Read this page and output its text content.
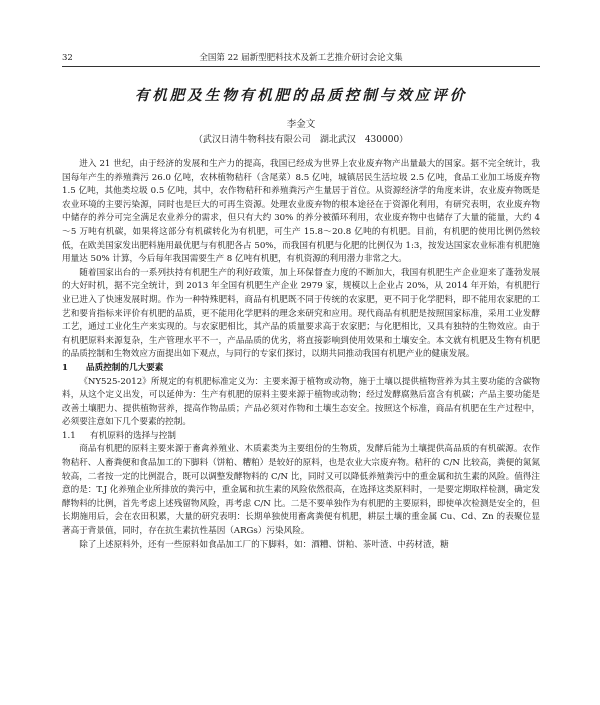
32	全国第 22 届新型肥料技术及新工艺推介研讨会论文集
有机肥及生物有机肥的品质控制与效应评价
李金文
（武汉日清牛物科技有限公司　湖北武汉　430000）

进入 21 世纪，由于经济的发展和生产力的提高，我国已经成为世界上农业废弃物产出量最大的国家。据不完全统计，我国每年产生的养殖粪污 26.0 亿吨，农林植物秸秆（含尾菜）8.5 亿吨，城镇居民生活垃圾 2.5 亿吨，食品工业加工场废弃物 1.5 亿吨，其他类垃圾 0.5 亿吨，其中，农作物秸秆和养殖粪污产生量居于首位。从资源经济学的角度来讲，农业废弃物既是农业环境的主要污染源，同时也是巨大的可再生资源。处理农业废弃物的根本途径在于资源化利用，有研究表明，农业废弃物中储存的养分可完全满足农业养分的需求，但只有大约 30% 的养分被循环利用，农业废弃物中也储存了大量的能量，大约 4～5 万吨有机碳，如果将这部分有机碳转化为有机肥，可生产 15.8～20.8 亿吨的有机肥。目前，有机肥的使用比例仍然较低，在欧美国家发出肥料施用最优肥与有机肥各占 50%，而我国有机肥与化肥的比例仅为 1:3，按发达国家农业标准有机肥施用量达 50% 计算，今后每年我国需要生产 8 亿吨有机肥，有机资源的利用潜力非常之大。

随着国家出台的一系列扶持有机肥生产的利好政策，加上环保督查力度的不断加大，我国有机肥生产企业迎来了蓬勃发展的大好时机，据不完全统计，到 2013 年全国有机肥生产企业 2979 家，规模以上企业占 20%，从 2014 年开始，有机肥行业已进入了快速发展时期。作为一种特殊肥料，商品有机肥既不同于传统的农家肥，更不同于化学肥料，即不能用农家肥的工艺和要肯指标来评价有机肥的品质，更不能用化学肥料的理念来研究和应用。现代商品有机肥是按照国家标准，采用工业发酵工艺，通过工业化生产来实现的。与农家肥相比，其产品的质量要求高于农家肥；与化肥相比，又具有独特的生物效应。由于有机肥原料来源复杂，生产管理水平不一，产品品质的优劣，将直接影响到使用效果和土壤安全。本文就有机肥及生物有机肥的品质控制和生物效应方面提出如下观点，与同行的专家们探讨，以期共同推动我国有机肥产业的健康发展。

1 品质控制的几大要素

《NY525-2012》所规定的有机肥标准定义为：主要来源于植物或动物，施于土壤以提供植物营养为其主要功能的含碳物料，从这个定义出发，可以延伸为：生产有机肥的原料主要来源于植物或动物；经过发酵腐熟后富含有机碳；产品主要功能是改善土壤肥力、提供植物营养，提高作物品质；产品必须对作物和土壤生态安全。按照这个标准，商品有机肥在生产过程中，必须要注意如下几个要素的控制。

1.1 有机原料的选择与控制

商品有机肥的原料主要来源于畜禽养殖业、木质素类为主要组份的生物质，发酵后能为土壤提供高品质的有机碳源。农作物秸秆、人畜粪便和食品加工的下脚料（饼粕、糟粕）是较好的原料，也是农业大宗废弃物。秸秆的 C/N 比较高，粪便的氮氮较高，二者按一定的比例混合，既可以调整发酵物料的 C/N 比，同时又可以降低养殖粪污中的重金属和抗生素的风险。值得注意的是：T.J 化养殖企业所排放的粪污中，重金属和抗生素的风险依然很高，在选择这类原料时，一是要定期取样检测，确定发酵物料的比例，首先考虑上述残留物风险，再考虑 C/N 比。二是不要单独作为有机肥的主要原料，即使单次检测是安全的，但长期施用后，会在农田积累，大量的研究表明：长期单独使用畜禽粪便有机肥，耕层土壤的重金属 Cu、Cd、Zn 的表聚位显著高于背景值，同时，存在抗生素抗性基因（ARGs）污染风险。

除了上述原料外，还有一些原料如食品加工厂的下脚料，如：酒糟、饼粕、茶叶渣、中药材渣，糖
